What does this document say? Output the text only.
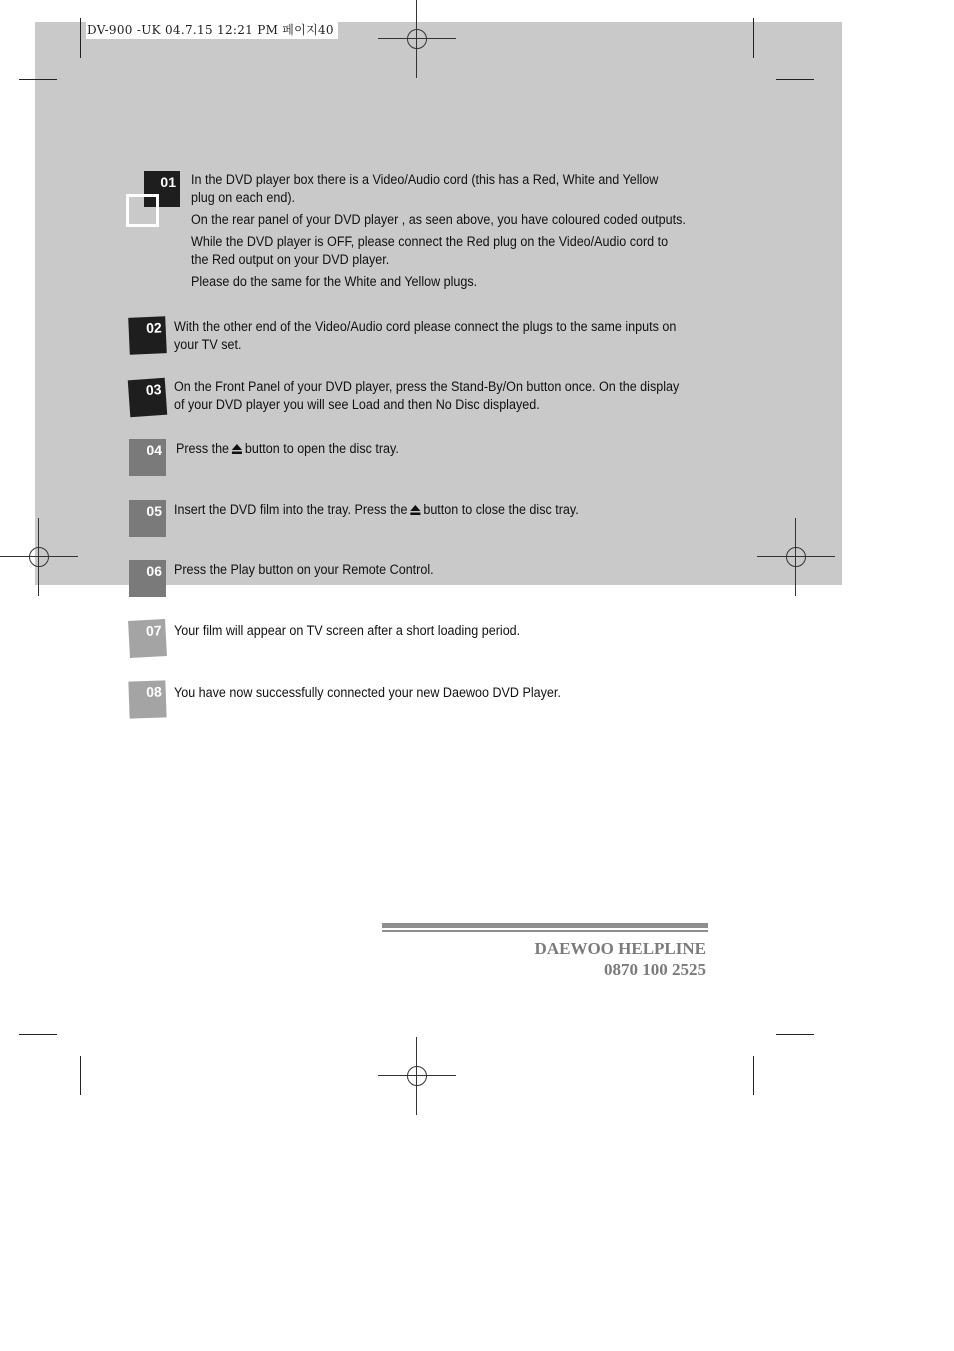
DV-900 -UK 04.7.15 12:21 PM 페이지40
01 In the DVD player box there is a Video/Audio cord (this has a Red, White and Yellow
plug on each end).

On the rear panel of your DVD player , as seen above, you have coloured coded outputs.

While the DVD player is OFF, please connect the Red plug on the Video/Audio cord to
the Red output on your DVD player.

Please do the same for the White and Yellow plugs.

02 With the other end of the Video/Audio cord please connect the plugs to the same inputs on
your TV set.
03 On the Front Panel of your DVD player, press the Stand-By/On button once. On the display
of your DVD player you will see Load and then No Disc displayed.
04 Press the button to open the disc tray.
05 Insert the DVD film into the tray. Press the button to close the disc tray.
06 Press the Play button on your Remote Control.
07 Your film will appear on TV screen after a short loading period.
08 You have now successfully connected your new Daewoo DVD Player.
DAEWOO HELPLINE
0870 100 2525
